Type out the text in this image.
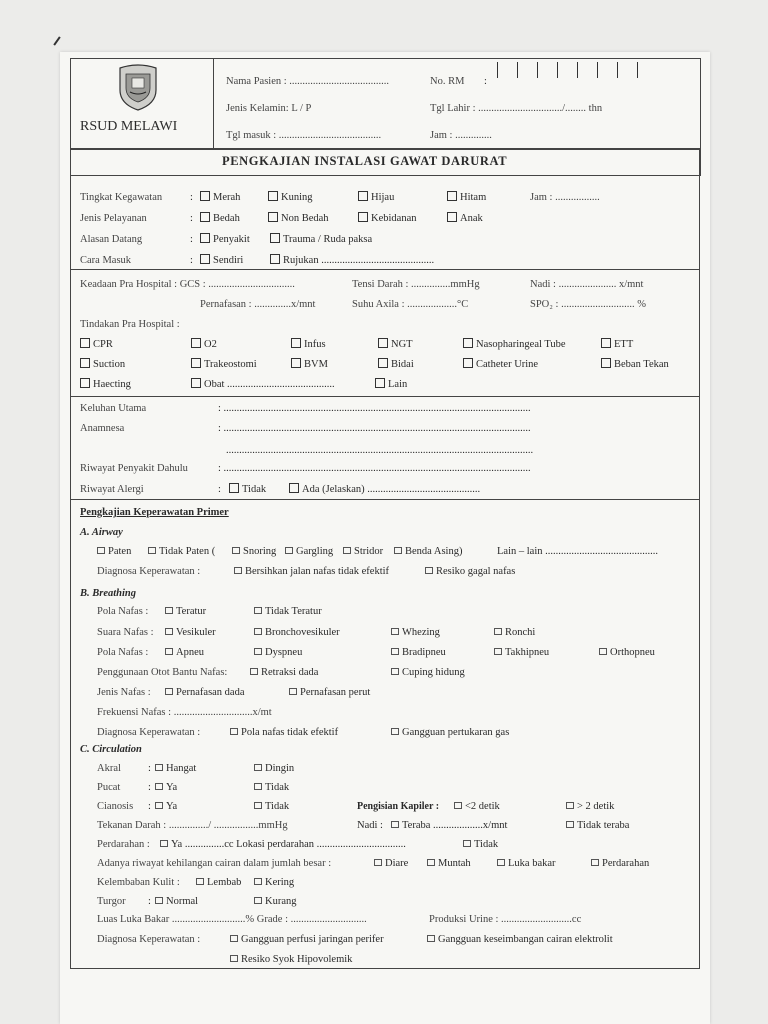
RSUD MELAWI
Nama Pasien : ......................................	No. RM :
Jenis Kelamin: L / P	Tgl Lahir : ................................/........ thn
Tgl masuk : .......................................	Jam : ..............
PENGKAJIAN INSTALASI GAWAT DARURAT
Tingkat Kegawatan	:	Merah	Kuning	Hijau	Hitam	Jam : .................
Jenis Pelayanan	:	Bedah	Non Bedah	Kebidanan	Anak
Alasan Datang	:	Penyakit	Trauma / Ruda paksa
Cara Masuk	:	Sendiri	Rujukan ...........................................
Keadaan Pra Hospital : GCS : .................................	Tensi Darah : ...............mmHg	Nadi : ...................... x/mnt
Pernafasan : ..............x/mnt	Suhu Axila : ...................°C	SPO₂ : ............................ %
Tindakan Pra Hospital :
CPR	O2	Infus	NGT	Nasopharingeal Tube	ETT
Suction	Trakeostomi	BVM	Bidai	Catheter Urine	Beban Tekan
Haecting	Obat .........................................	Lain
Keluhan Utama	: .....................................................................................................................
Anamnesa	: .....................................................................................................................
.....................................................................................................................
Riwayat Penyakit Dahulu	: .....................................................................................................................
Riwayat Alergi	:	Tidak	Ada (Jelaskan) ...........................................
Pengkajian Keperawatan Primer
A. Airway
Paten	Tidak Paten (	Snoring	Gargling	Stridor	Benda Asing)	Lain – lain ...........................................
Diagnosa Keperawatan :	Bersihkan jalan nafas tidak efektif	Resiko gagal nafas
B. Breathing
Pola Nafas :	Teratur	Tidak Teratur
Suara Nafas :	Vesikuler	Bronchovesikuler	Whezing	Ronchi
Pola Nafas :	Apneu	Dyspneu	Bradipneu	Takhipneu	Orthopneu
Penggunaan Otot Bantu Nafas:	Retraksi dada	Cuping hidung
Jenis Nafas :	Pernafasan dada	Pernafasan perut
Frekuensi Nafas : ..............................x/mt
Diagnosa Keperawatan :	Pola nafas tidak efektif	Gangguan pertukaran gas
C. Circulation
Akral	:	Hangat	Dingin
Pucat	:	Ya	Tidak
Cianosis :	Ya	Tidak	Pengisian Kapiler :	<2 detik	> 2 detik
Tekanan Darah : .............../ .................mmHg	Nadi :	Teraba ...................x/mnt	Tidak teraba
Perdarahan :	Ya ...............cc Lokasi perdarahan ..................................	Tidak
Adanya riwayat kehilangan cairan dalam jumlah besar :	Diare	Muntah	Luka bakar	Perdarahan
Kelembaban Kulit :	Lembab	Kering
Turgor :	Normal	Kurang
Luas Luka Bakar ............................% Grade : .............................	Produksi Urine : ...........................cc
Diagnosa Keperawatan :	Gangguan perfusi jaringan perifer	Gangguan keseimbangan cairan elektrolit
Resiko Syok Hipovolemik
